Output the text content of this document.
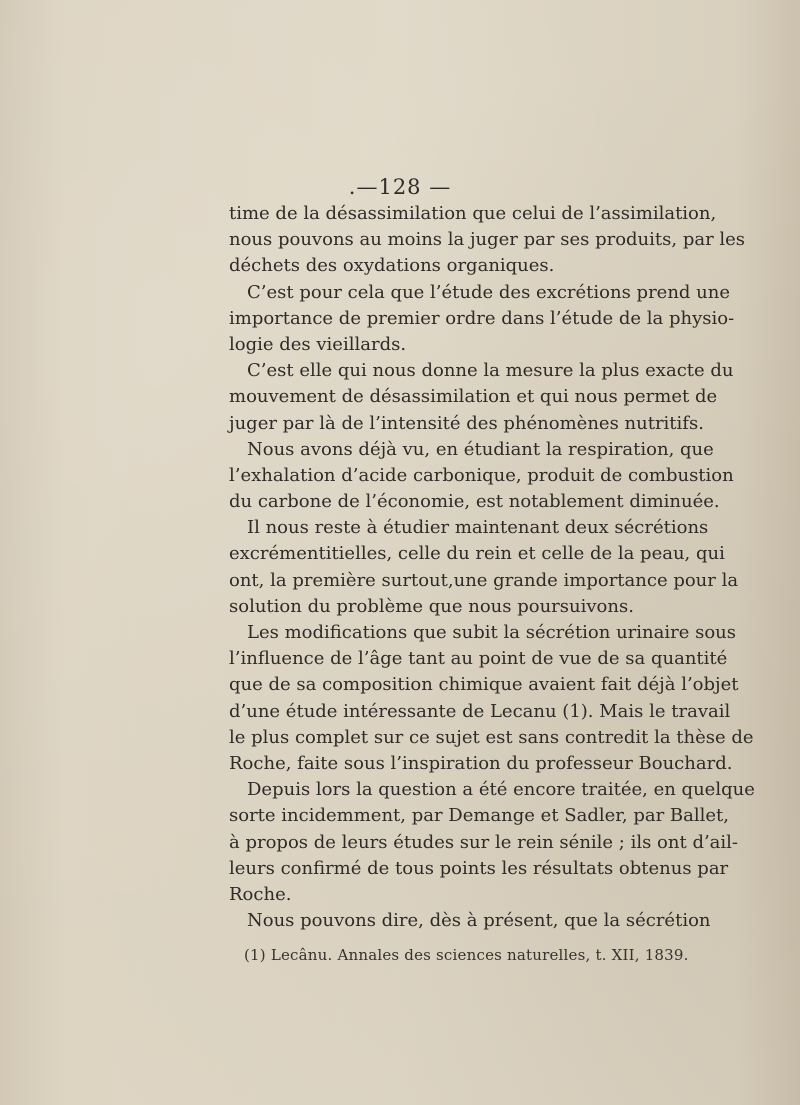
.—128 —
time de la désassimilation que celui de l’assimilation,
nous pouvons au moins la juger par ses produits, par les
déchets des oxydations organiques.
C’est pour cela que l’étude des excrétions prend une
importance de premier ordre dans l’étude de la physio-
logie des vieillards.
C’est elle qui nous donne la mesure la plus exacte du
mouvement de désassimilation et qui nous permet de
juger par là de l’intensité des phénomènes nutritifs.
Nous avons déjà vu, en étudiant la respiration, que
l’exhalation d’acide carbonique, produit de combustion
du carbone de l’économie, est notablement diminuée.
Il nous reste à étudier maintenant deux sécrétions
excrémentitielles, celle du rein et celle de la peau, qui
ont, la première surtout,une grande importance pour la
solution du problème que nous poursuivons.
Les modifications que subit la sécrétion urinaire sous
l’influence de l’âge tant au point de vue de sa quantité
que de sa composition chimique avaient fait déjà l’objet
d’une étude intéressante de Lecanu (1). Mais le travail
le plus complet sur ce sujet est sans contredit la thèse de
Roche, faite sous l’inspiration du professeur Bouchard.
Depuis lors la question a été encore traitée, en quelque
sorte incidemment, par Demange et Sadler, par Ballet,
à propos de leurs études sur le rein sénile ; ils ont d’ail-
leurs confirmé de tous points les résultats obtenus par
Roche.
Nous pouvons dire, dès à présent, que la sécrétion
(1) Lecânu. Annales des sciences naturelles, t. XII, 1839.
